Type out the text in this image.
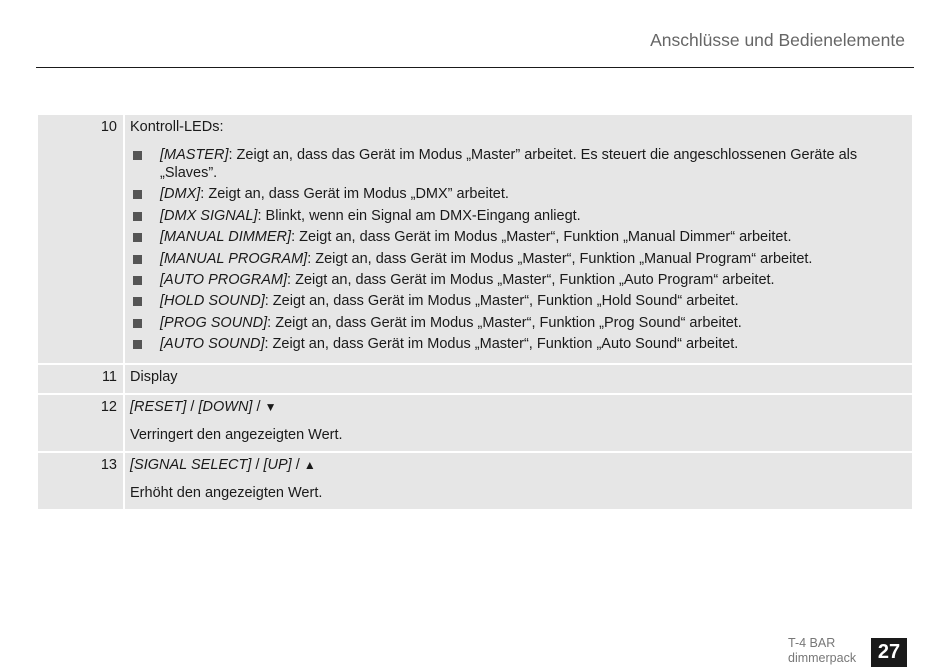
Anschlüsse und Bedienelemente
10 Kontroll-LEDs:
[MASTER]: Zeigt an, dass das Gerät im Modus „Master” arbeitet. Es steuert die angeschlossenen Geräte als „Slaves”.
[DMX]: Zeigt an, dass Gerät im Modus „DMX” arbeitet.
[DMX SIGNAL]: Blinkt, wenn ein Signal am DMX-Eingang anliegt.
[MANUAL DIMMER]: Zeigt an, dass Gerät im Modus „Master“, Funktion „Manual Dimmer“ arbeitet.
[MANUAL PROGRAM]: Zeigt an, dass Gerät im Modus „Master“, Funktion „Manual Program“ arbeitet.
[AUTO PROGRAM]: Zeigt an, dass Gerät im Modus „Master“, Funktion „Auto Program“ arbeitet.
[HOLD SOUND]: Zeigt an, dass Gerät im Modus „Master“, Funktion „Hold Sound“ arbeitet.
[PROG SOUND]: Zeigt an, dass Gerät im Modus „Master“, Funktion „Prog Sound“ arbeitet.
[AUTO SOUND]: Zeigt an, dass Gerät im Modus „Master“, Funktion „Auto Sound“ arbeitet.
11 Display
12 [RESET] / [DOWN] / ▼
Verringert den angezeigten Wert.
13 [SIGNAL SELECT] / [UP] / ▲
Erhöht den angezeigten Wert.
T-4 BAR
dimmerpack	27
